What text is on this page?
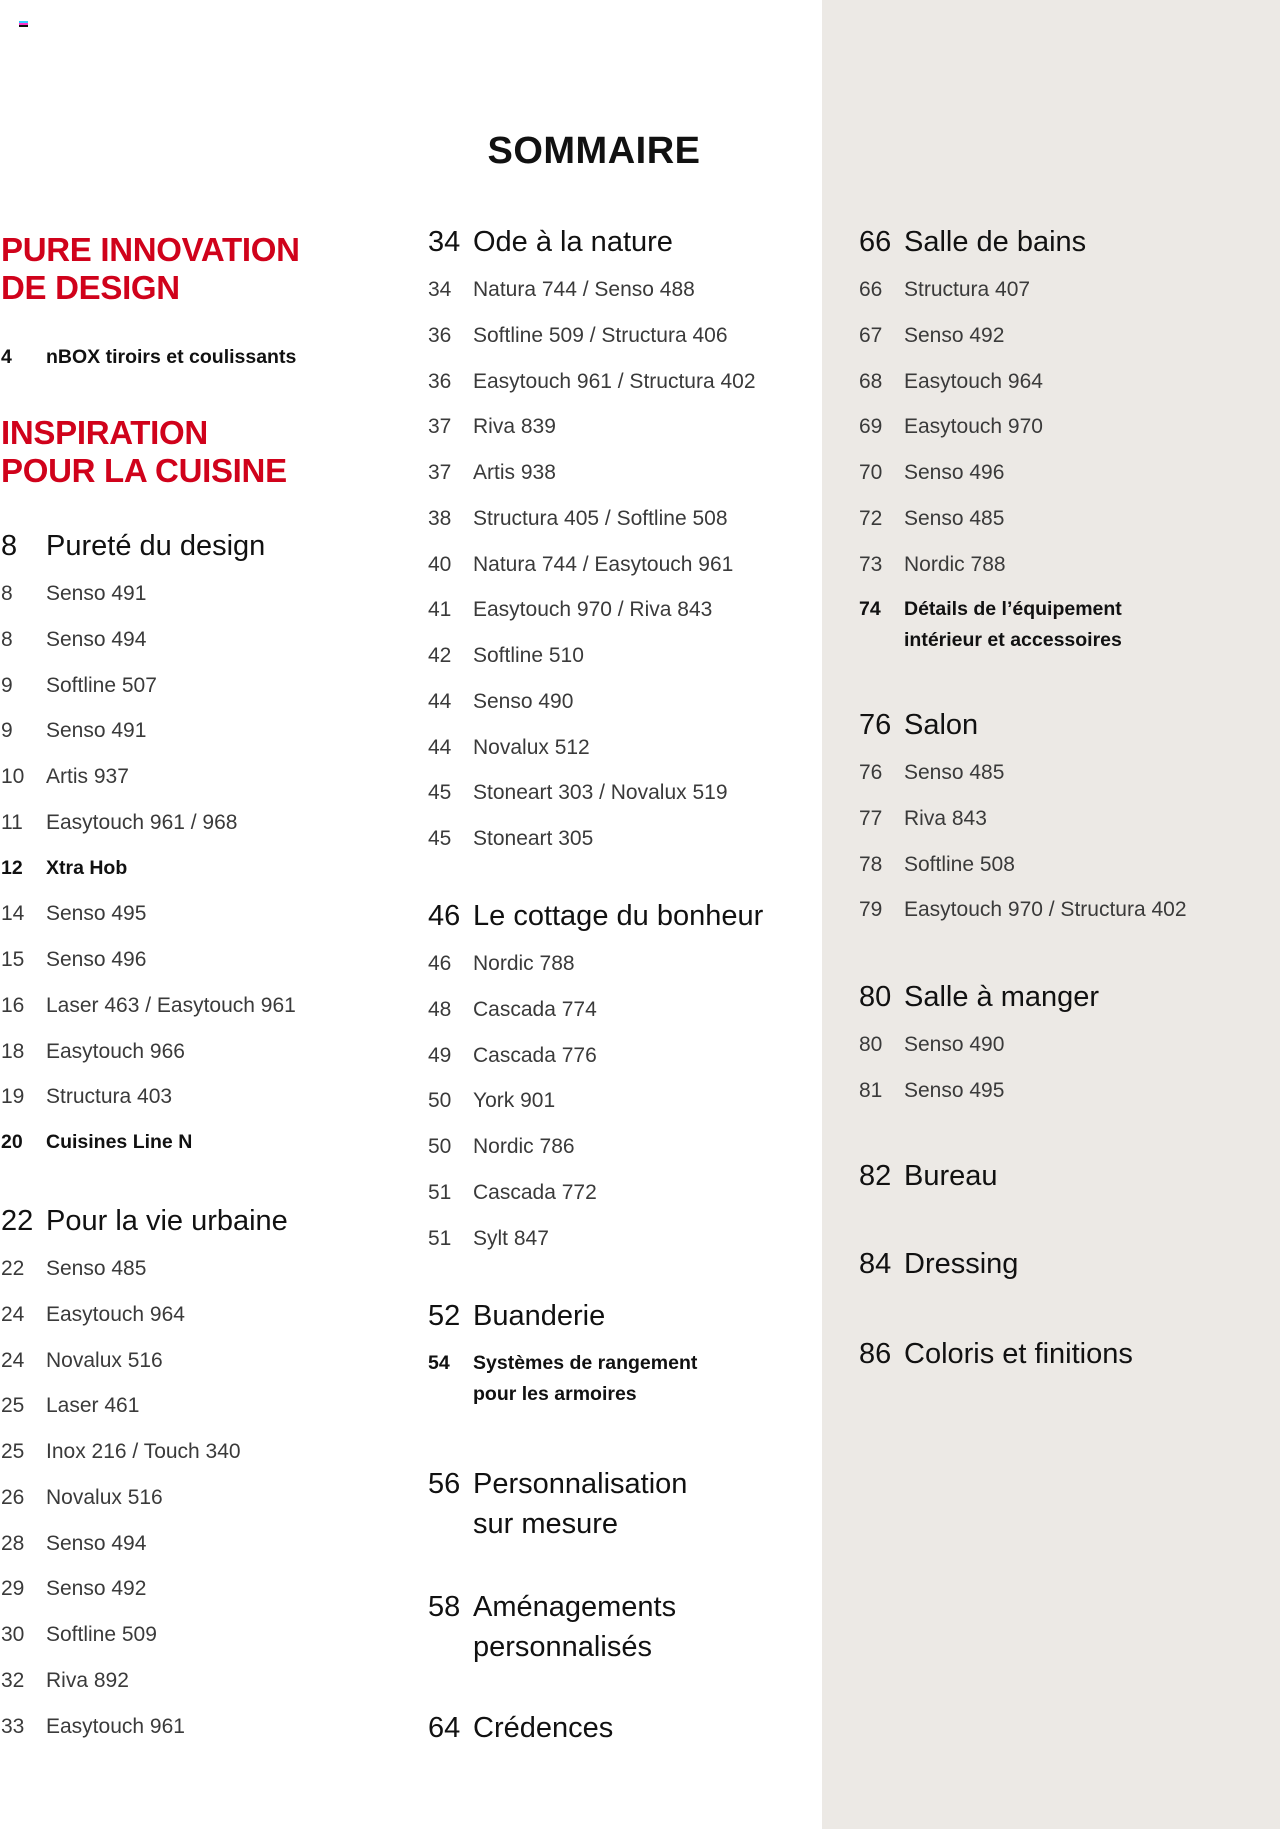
SOMMAIRE
PURE INNOVATION
DE DESIGN
4	nBOX tiroirs et coulissants
INSPIRATION
POUR LA CUISINE
8 Pureté du design
8	Senso 491
8	Senso 494
9	Softline 507
9	Senso 491
10	Artis 937
11	Easytouch 961 / 968
12	Xtra Hob
14	Senso 495
15	Senso 496
16	Laser 463 / Easytouch 961
18	Easytouch 966
19	Structura 403
20	Cuisines Line N
22 Pour la vie urbaine
22	Senso 485
24	Easytouch 964
24	Novalux 516
25	Laser 461
25	Inox 216 / Touch 340
26	Novalux 516
28	Senso 494
29	Senso 492
30	Softline 509
32	Riva 892
33	Easytouch 961
34 Ode à la nature
34	Natura 744 / Senso 488
36	Softline 509 / Structura 406
36	Easytouch 961 / Structura 402
37	Riva 839
37	Artis 938
38	Structura 405 / Softline 508
40	Natura 744 / Easytouch 961
41	Easytouch 970 / Riva 843
42	Softline 510
44	Senso 490
44	Novalux 512
45	Stoneart 303 / Novalux 519
45	Stoneart 305
46 Le cottage du bonheur
46	Nordic 788
48	Cascada 774
49	Cascada 776
50	York 901
50	Nordic 786
51	Cascada 772
51	Sylt 847
52 Buanderie
54	Systèmes de rangement
pour les armoires
56 Personnalisation
sur mesure
58 Aménagements
personnalisés
64 Crédences
66 Salle de bains
66	Structura 407
67	Senso 492
68	Easytouch 964
69	Easytouch 970
70	Senso 496
72	Senso 485
73	Nordic 788
74	Détails de l’équipement
intérieur et accessoires
76 Salon
76	Senso 485
77	Riva 843
78	Softline 508
79	Easytouch 970 / Structura 402
80 Salle à manger
80	Senso 490
81	Senso 495
82 Bureau
84 Dressing
86 Coloris et finitions
